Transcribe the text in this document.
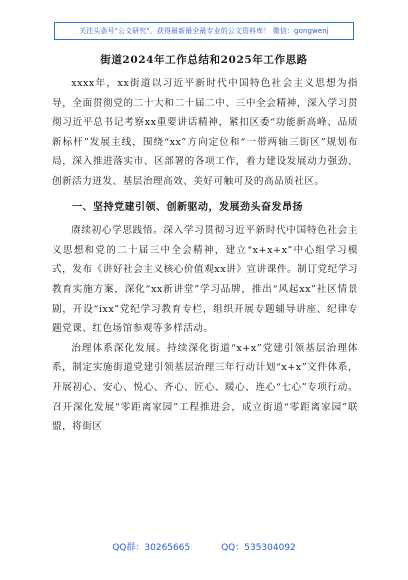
关注头条号"公文研究"，获得最新最全最专业的公文资料库！ 微信：gongwenj
街道2024年工作总结和2025年工作思路

xxxx年，xx街道以习近平新时代中国特色社会主义思想为指导，全面贯彻党的二十大和二十届二中、三中全会精神，深入学习贯彻习近平总书记考察xx重要讲话精神，紧扣区委“功能新高峰、品质新标杆”发展主线，围绕“xx”方向定位和“一带两轴三街区”规划布局，深入推进落实市、区部署的各项工作，着力建设发展动力强劲、创新活力迸发、基层治理高效、美好可触可及的高品质社区。

一、坚持党建引领、创新驱动，发展劲头奋发昂扬

赓续初心学思践悟。深入学习贯彻习近平新时代中国特色社会主义思想和党的二十届三中全会精神，建立“x+x+x”中心组学习模式，发布《讲好社会主义核心价值观xx讲》宣讲课件。制订党纪学习教育实施方案，深化“xx新讲堂”学习品牌，推出“风起xx”社区情景剧，开设“ixx”党纪学习教育专栏，组织开展专题辅导讲座、纪律专题党课、红色场馆参观等多样活动。

治理体系深化发展。持续深化街道“x+x”党建引领基层治理体系，制定实施街道党建引领基层治理三年行动计划“x+x”文件体系，开展初心、安心、悦心、齐心、匠心、暖心、连心“七心”专项行动。召开深化发展“零距离家园”工程推进会，成立街道“零距离家园”联盟，将街区

QQ群：30265665	QQ：535304092
